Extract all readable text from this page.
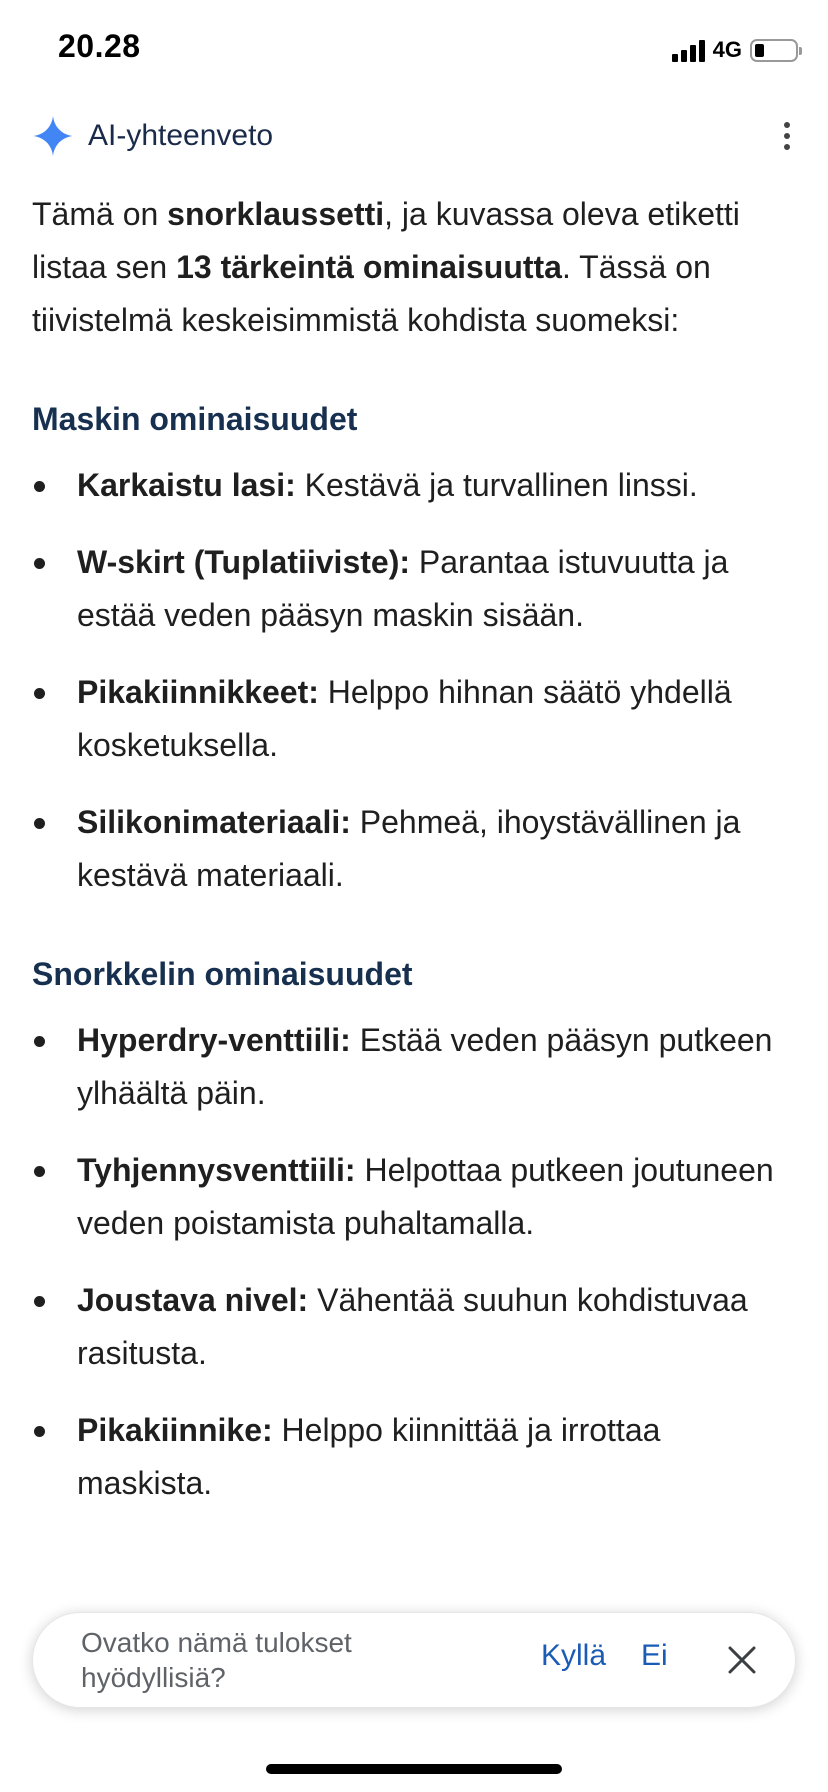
20.28	4G
AI-yhteenveto

Tämä on snorklaussetti, ja kuvassa oleva etiketti listaa sen 13 tärkeintä ominaisuutta. Tässä on tiivistelmä keskeisimmistä kohdista suomeksi:

Maskin ominaisuudet
Karkaistu lasi: Kestävä ja turvallinen linssi.
W-skirt (Tuplatiiviste): Parantaa istuvuutta ja estää veden pääsyn maskin sisään.
Pikakiinnikkeet: Helppo hihnan säätö yhdellä kosketuksella.
Silikonimateriaali: Pehmeä, ihoystävällinen ja kestävä materiaali.
Snorkkelin ominaisuudet
Hyperdry-venttiili: Estää veden pääsyn putkeen ylhäältä päin.
Tyhjennysventtiili: Helpottaa putkeen joutuneen veden poistamista puhaltamalla.
Joustava nivel: Vähentää suuhun kohdistuvaa rasitusta.
Pikakiinnike: Helppo kiinnittää ja irrottaa maskista.
Ovatko nämä tulokset hyödyllisiä?
Kyllä Ei
